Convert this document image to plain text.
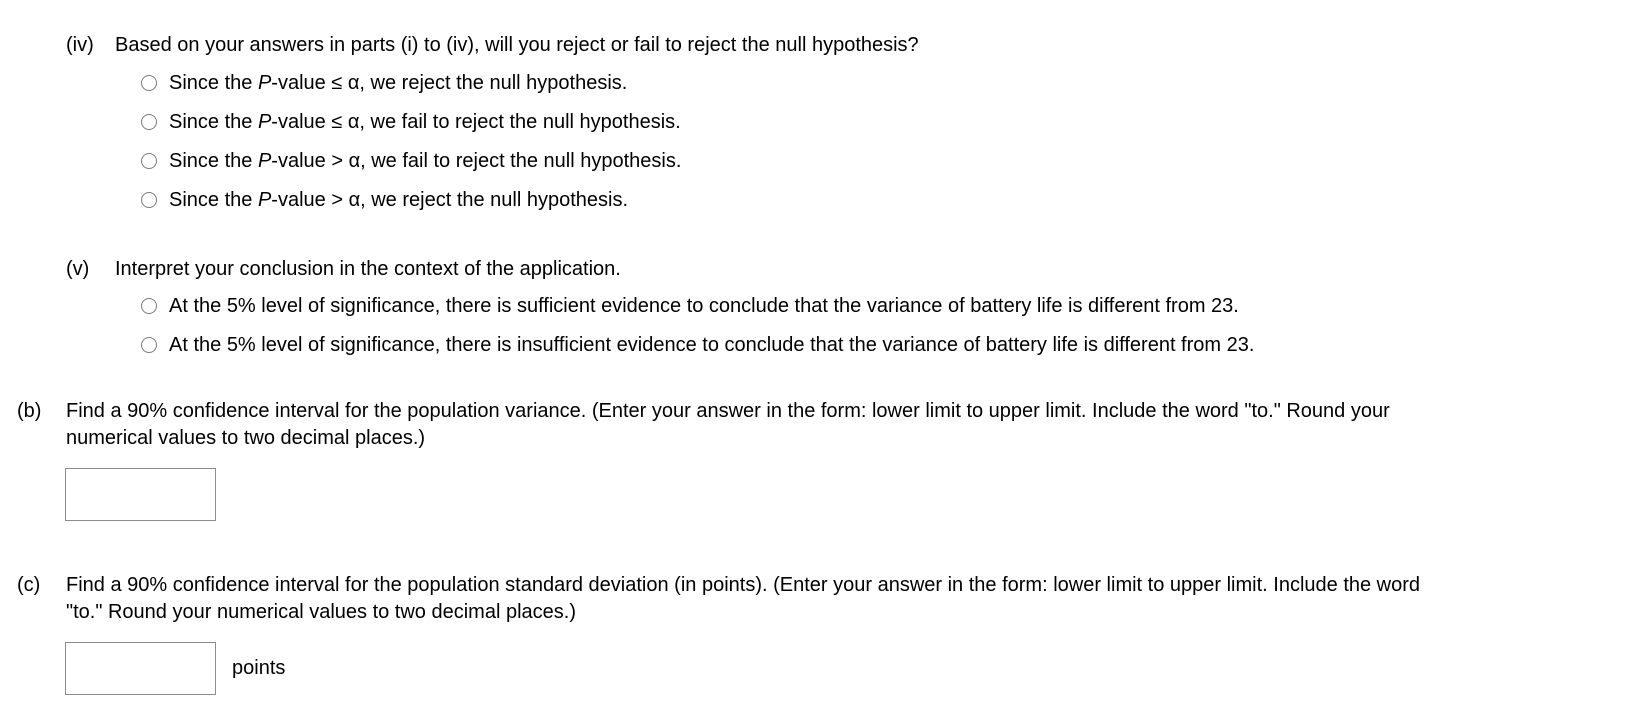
(iv) Based on your answers in parts (i) to (iv), will you reject or fail to reject the null hypothesis?
Since the P-value ≤ α, we reject the null hypothesis.
Since the P-value ≤ α, we fail to reject the null hypothesis.
Since the P-value > α, we fail to reject the null hypothesis.
Since the P-value > α, we reject the null hypothesis.
(v) Interpret your conclusion in the context of the application.
At the 5% level of significance, there is sufficient evidence to conclude that the variance of battery life is different from 23.
At the 5% level of significance, there is insufficient evidence to conclude that the variance of battery life is different from 23.
(b) Find a 90% confidence interval for the population variance. (Enter your answer in the form: lower limit to upper limit. Include the word "to." Round your
numerical values to two decimal places.)
(c) Find a 90% confidence interval for the population standard deviation (in points). (Enter your answer in the form: lower limit to upper limit. Include the word
"to." Round your numerical values to two decimal places.)
points
